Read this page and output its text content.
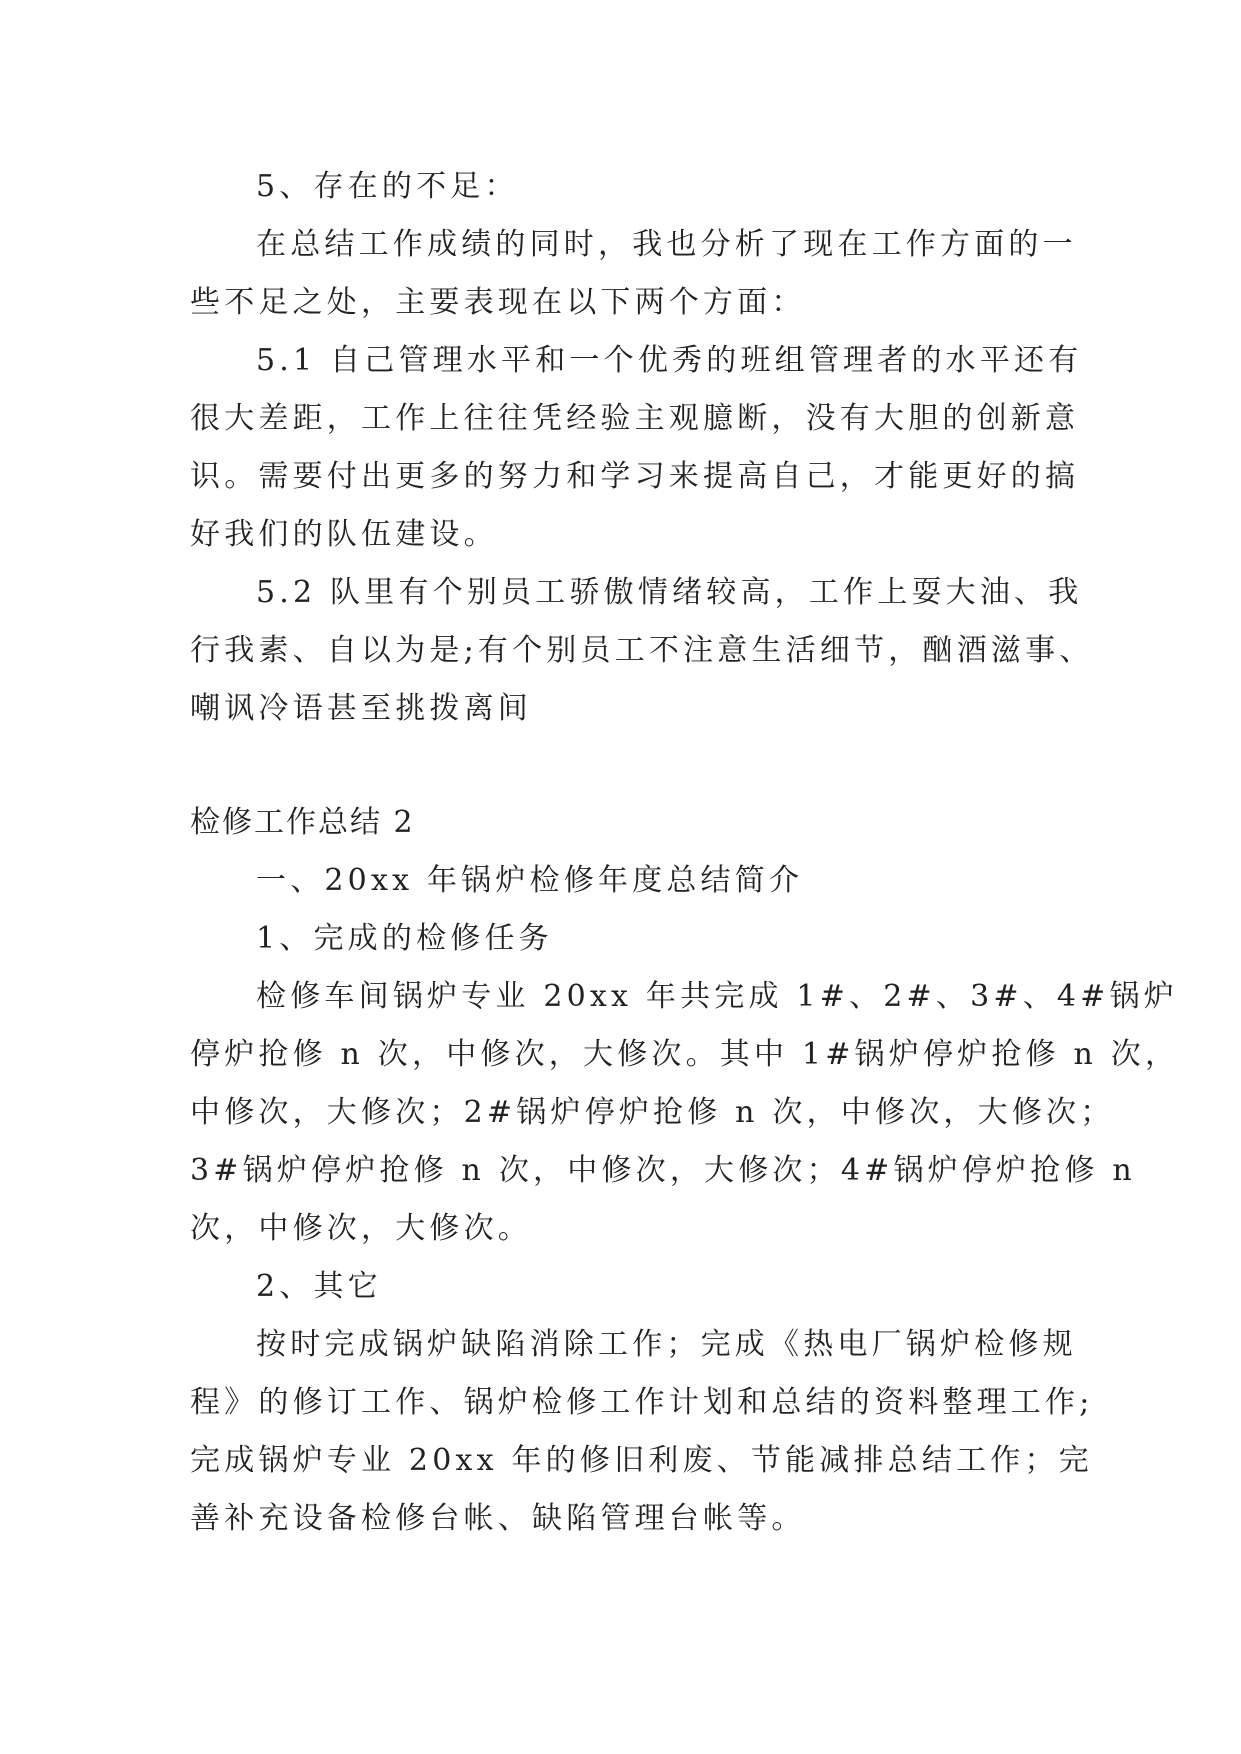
5、存在的不足：

在总结工作成绩的同时，我也分析了现在工作方面的一

些不足之处，主要表现在以下两个方面：

5.1 自己管理水平和一个优秀的班组管理者的水平还有

很大差距，工作上往往凭经验主观臆断，没有大胆的创新意

识。需要付出更多的努力和学习来提高自己，才能更好的搞

好我们的队伍建设。

5.2 队里有个别员工骄傲情绪较高，工作上耍大油、我

行我素、自以为是;有个别员工不注意生活细节，酗酒滋事、

嘲讽冷语甚至挑拨离间

检修工作总结 2

一、20xx 年锅炉检修年度总结简介

1、完成的检修任务

检修车间锅炉专业 20xx 年共完成 1#、2#、3#、4#锅炉

停炉抢修 n 次，中修次，大修次。其中 1#锅炉停炉抢修 n 次，

中修次，大修次；2#锅炉停炉抢修 n 次，中修次，大修次；

3#锅炉停炉抢修 n 次，中修次，大修次；4#锅炉停炉抢修 n

次，中修次，大修次。

2、其它

按时完成锅炉缺陷消除工作；完成《热电厂锅炉检修规

程》的修订工作、锅炉检修工作计划和总结的资料整理工作;

完成锅炉专业 20xx 年的修旧利废、节能减排总结工作；完

善补充设备检修台帐、缺陷管理台帐等。
